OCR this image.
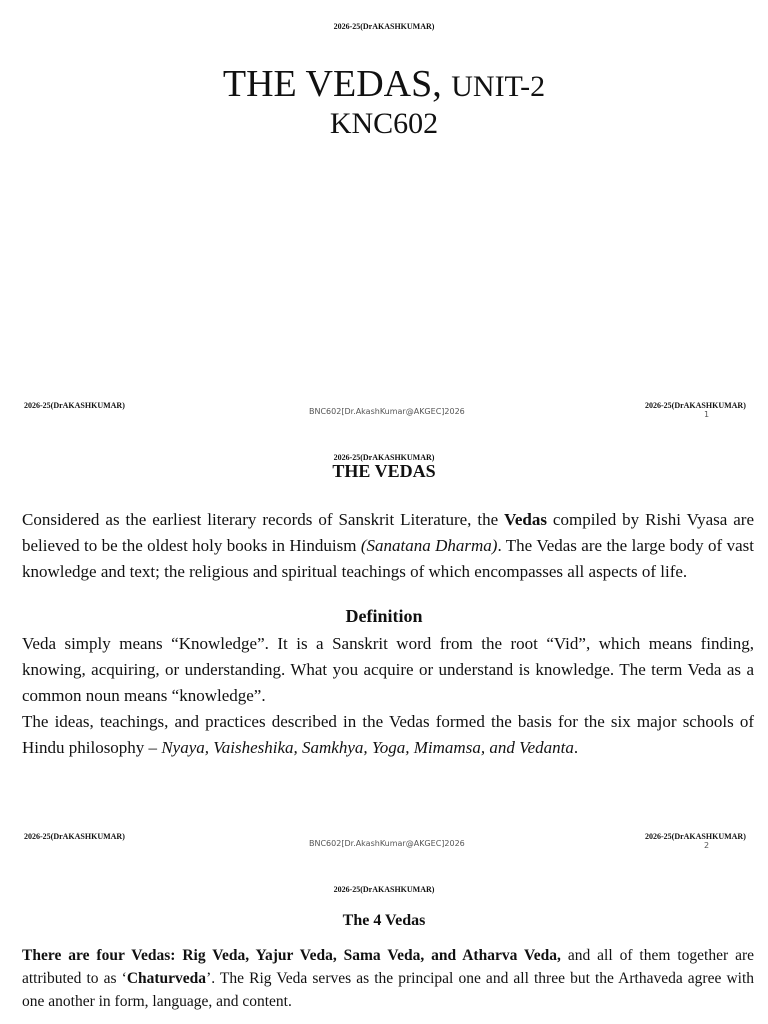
2026-25(DrAKASHKUMAR)
THE VEDAS, UNIT-2
KNC602
2026-25(DrAKASHKUMAR)
BNC602[Dr.AkashKumar@AKGEC]2026
2026-25(DrAKASHKUMAR)
1
2026-25(DrAKASHKUMAR)
THE VEDAS
Considered as the earliest literary records of Sanskrit Literature, the Vedas compiled by Rishi Vyasa are believed to be the oldest holy books in Hinduism (Sanatana Dharma). The Vedas are the large body of vast knowledge and text; the religious and spiritual teachings of which encompasses all aspects of life.
Definition

Veda simply means “Knowledge”. It is a Sanskrit word from the root “Vid”, which means finding, knowing, acquiring, or understanding. What you acquire or understand is knowledge. The term Veda as a common noun means “knowledge”.

The ideas, teachings, and practices described in the Vedas formed the basis for the six major schools of Hindu philosophy – Nyaya, Vaisheshika, Samkhya, Yoga, Mimamsa, and Vedanta.

2026-25(DrAKASHKUMAR)
BNC602[Dr.AkashKumar@AKGEC]2026
2026-25(DrAKASHKUMAR)
2
2026-25(DrAKASHKUMAR)
The 4 Vedas
There are four Vedas: Rig Veda, Yajur Veda, Sama Veda, and Atharva Veda, and all of them together are attributed to as ‘Chaturveda’. The Rig Veda serves as the principal one and all three but the Arthaveda agree with one another in form, language, and content.
